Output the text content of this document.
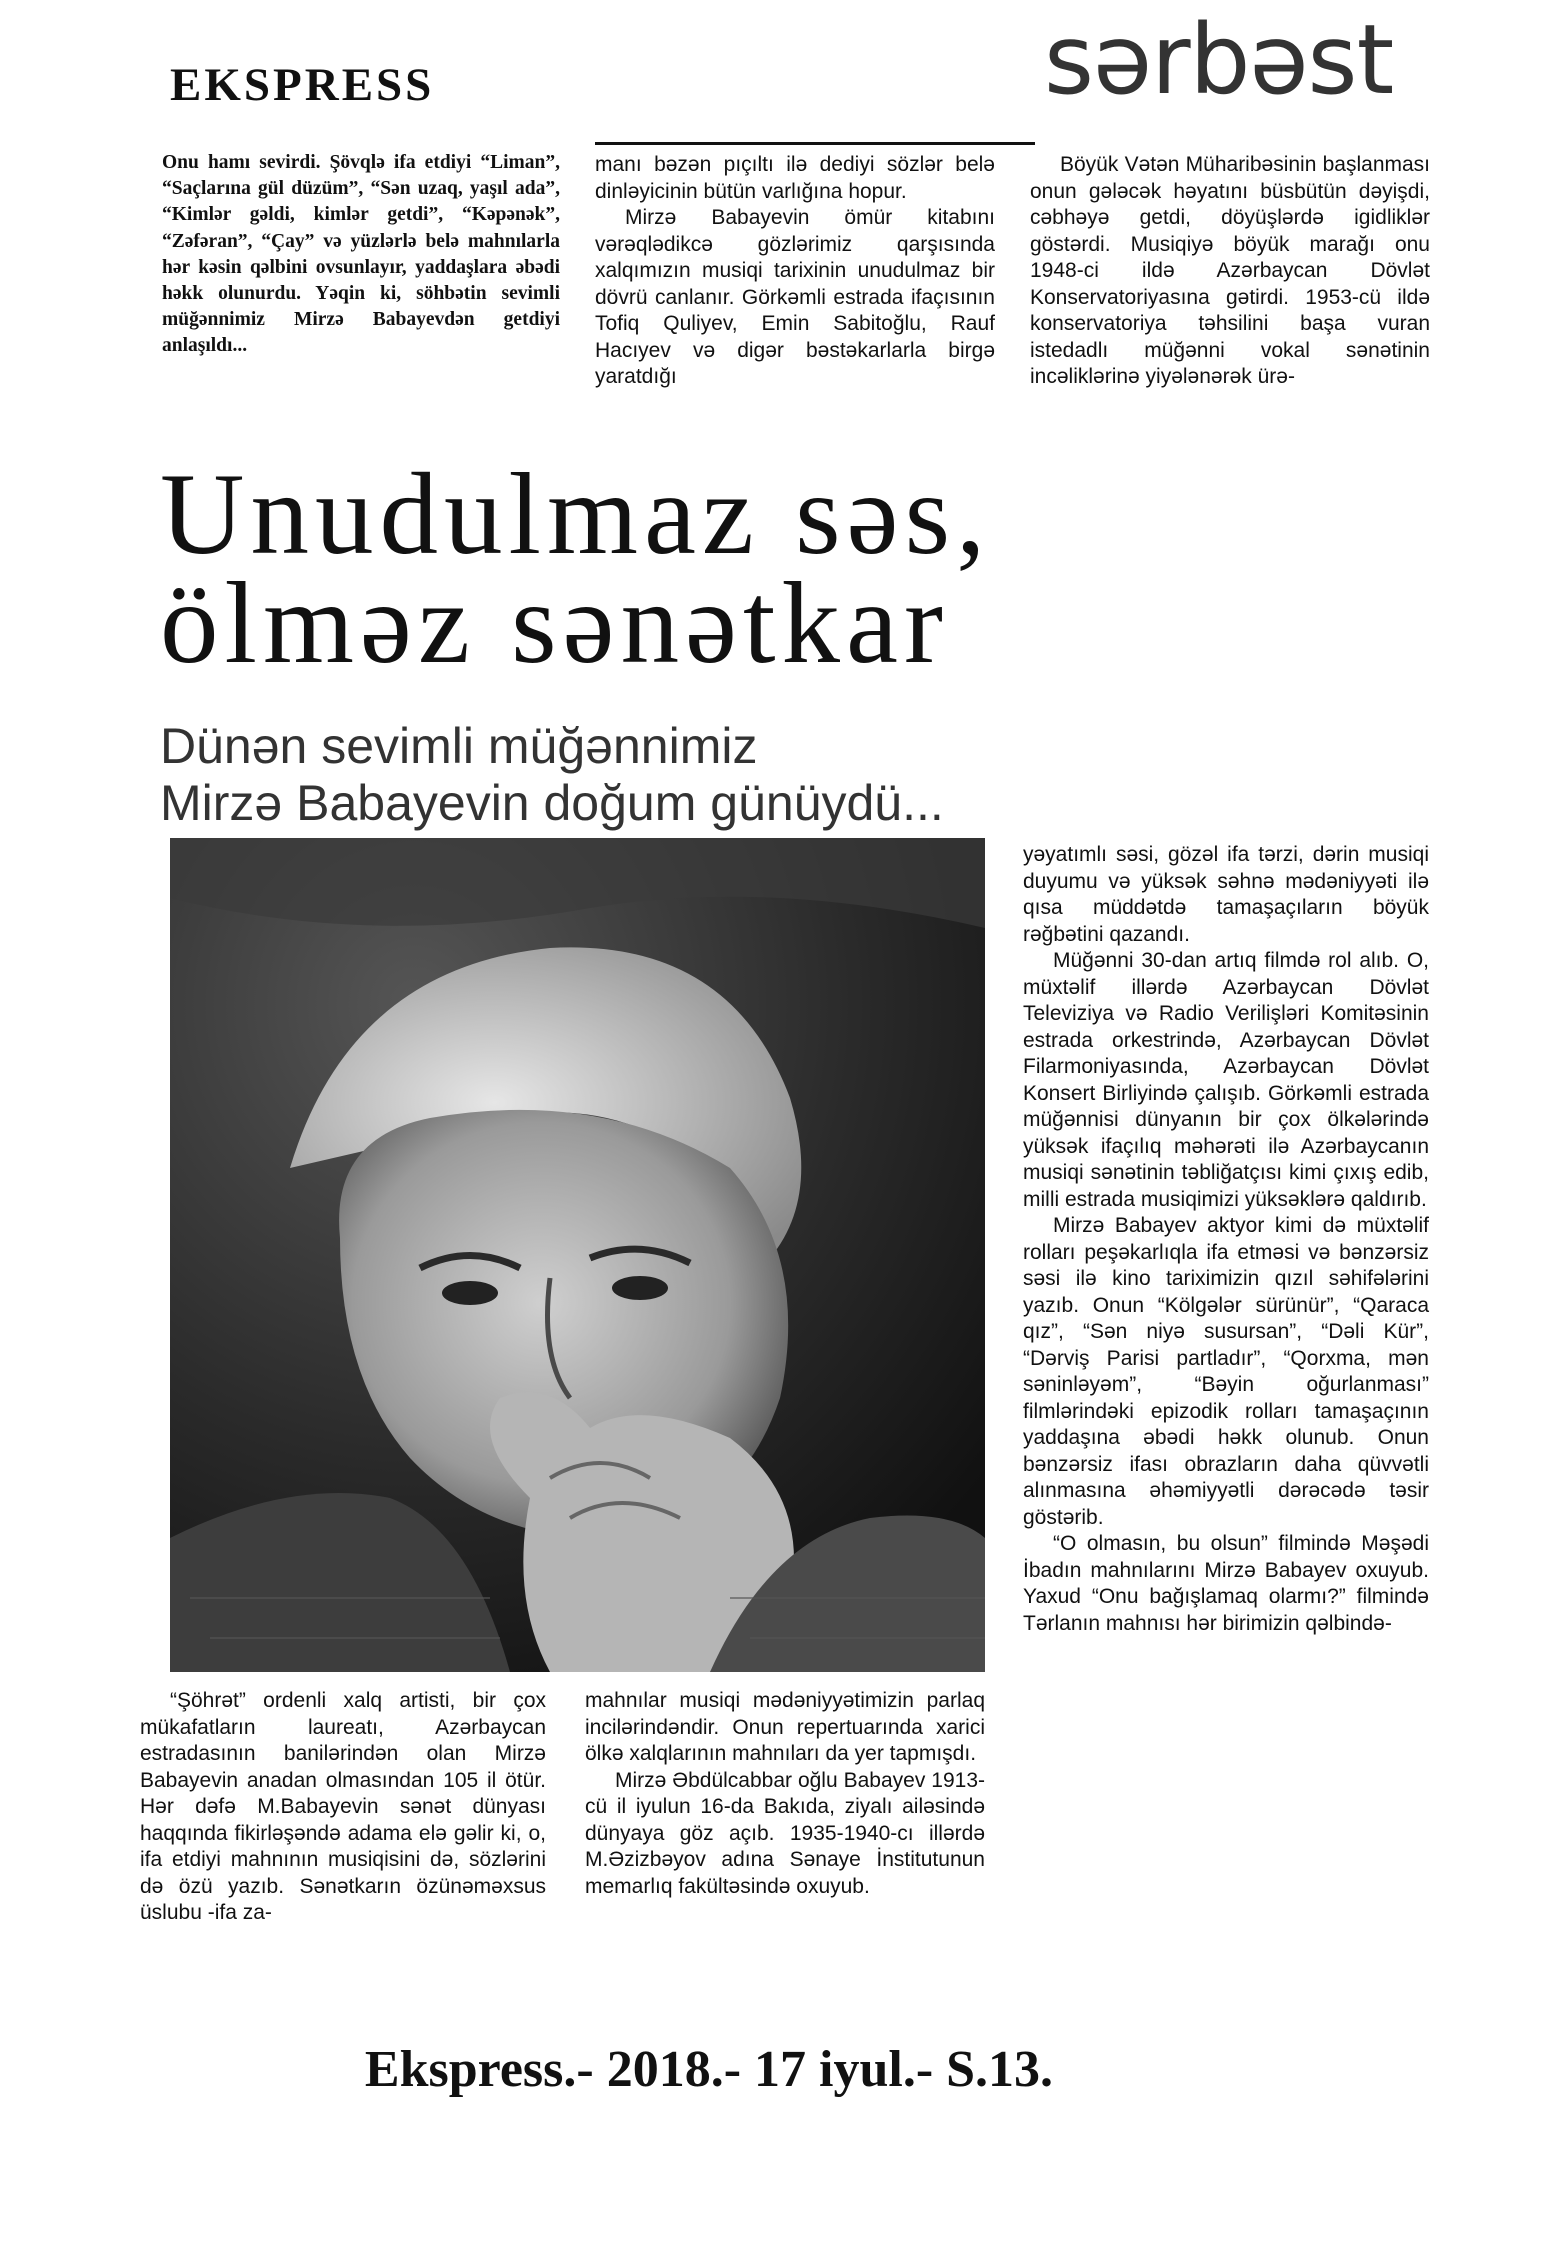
EKSPRESS	sərbəst

Onu hamı sevirdi. Şövqlə ifa etdiyi “Liman”, “Saçlarına gül düzüm”, “Sən uzaq, yaşıl ada”, “Kimlər gəldi, kimlər getdi”, “Kəpənək”, “Zəfəran”, “Çay” və yüzlərlə belə mahnılarla hər kəsin qəlbini ovsunlayır, yaddaşlara əbədi həkk olunurdu. Yəqin ki, söhbətin sevimli müğənnimiz Mirzə Babayevdən getdiyi anlaşıldı...

manı bəzən pıçıltı ilə dediyi sözlər belə dinləyicinin bütün varlığına hopur.

Mirzə Babayevin ömür kitabını vərəqlədikcə gözlərimiz qarşısında xalqımızın musiqi tarixinin unudulmaz bir dövrü canlanır. Görkəmli estrada ifaçısının Tofiq Quliyev, Emin Sabitoğlu, Rauf Hacıyev və digər bəstəkarlarla birgə yaratdığı

Böyük Vətən Müharibəsinin başlanması onun gələcək həyatını büsbütün dəyişdi, cəbhəyə getdi, döyüşlərdə igidliklər göstərdi. Musiqiyə böyük marağı onu 1948-ci ildə Azərbaycan Dövlət Konservatoriyasına gətirdi. 1953-cü ildə konservatoriya təhsilini başa vuran istedadlı müğənni vokal sənətinin incəliklərinə yiyələnərək ürə-

Unudulmaz səs,
ölməz sənətkar
Dünən sevimli müğənnimiz
Mirzə Babayevin doğum günüydü...

yəyatımlı səsi, gözəl ifa tərzi, dərin musiqi duyumu və yüksək səhnə mədəniyyəti ilə qısa müddətdə tamaşaçıların böyük rəğbətini qazandı.

Müğənni 30-dan artıq filmdə rol alıb. O, müxtəlif illərdə Azərbaycan Dövlət Televiziya və Radio Verilişləri Komitəsinin estrada orkestrində, Azərbaycan Dövlət Filarmoniyasında, Azərbaycan Dövlət Konsert Birliyində çalışıb. Görkəmli estrada müğənnisi dünyanın bir çox ölkələrində yüksək ifaçılıq məhərəti ilə Azərbaycanın musiqi sənətinin təbliğatçısı kimi çıxış edib, milli estrada musiqimizi yüksəklərə qaldırıb.

Mirzə Babayev aktyor kimi də müxtəlif rolları peşəkarlıqla ifa etməsi və bənzərsiz səsi ilə kino tariximizin qızıl səhifələrini yazıb. Onun “Kölgələr sürünür”, “Qaraca qız”, “Sən niyə susursan”, “Dəli Kür”, “Dərviş Parisi partladır”, “Qorxma, mən səninləyəm”, “Bəyin oğurlanması” filmlərindəki epizodik rolları tamaşaçının yaddaşına əbədi həkk olunub. Onun bənzərsiz ifası obrazların daha qüvvətli alınmasına əhəmiyyətli dərəcədə təsir göstərib.

“O olmasın, bu olsun” filmində Məşədi İbadın mahnılarını Mirzə Babayev oxuyub. Yaxud “Onu bağışlamaq olarmı?” filmində Tərlanın mahnısı hər birimizin qəlbində-

“Şöhrət” ordenli xalq artisti, bir çox mükafatların laureatı, Azərbaycan estradasının banilərindən olan Mirzə Babayevin anadan olmasından 105 il ötür. Hər dəfə M.Babayevin sənət dünyası haqqında fikirləşəndə adama elə gəlir ki, o, ifa etdiyi mahnının musiqisini də, sözlərini də özü yazıb. Sənətkarın özünəməxsus üslubu -ifa za-

mahnılar musiqi mədəniyyətimizin parlaq incilərindəndir. Onun repertuarında xarici ölkə xalqlarının mahnıları da yer tapmışdı.

Mirzə Əbdülcabbar oğlu Babayev 1913-cü il iyulun 16-da Bakıda, ziyalı ailəsində dünyaya göz açıb. 1935-1940-cı illərdə M.Əzizbəyov adına Sənaye İnstitutunun memarlıq fakültəsində oxuyub.

Ekspress.- 2018.- 17 iyul.- S.13.
